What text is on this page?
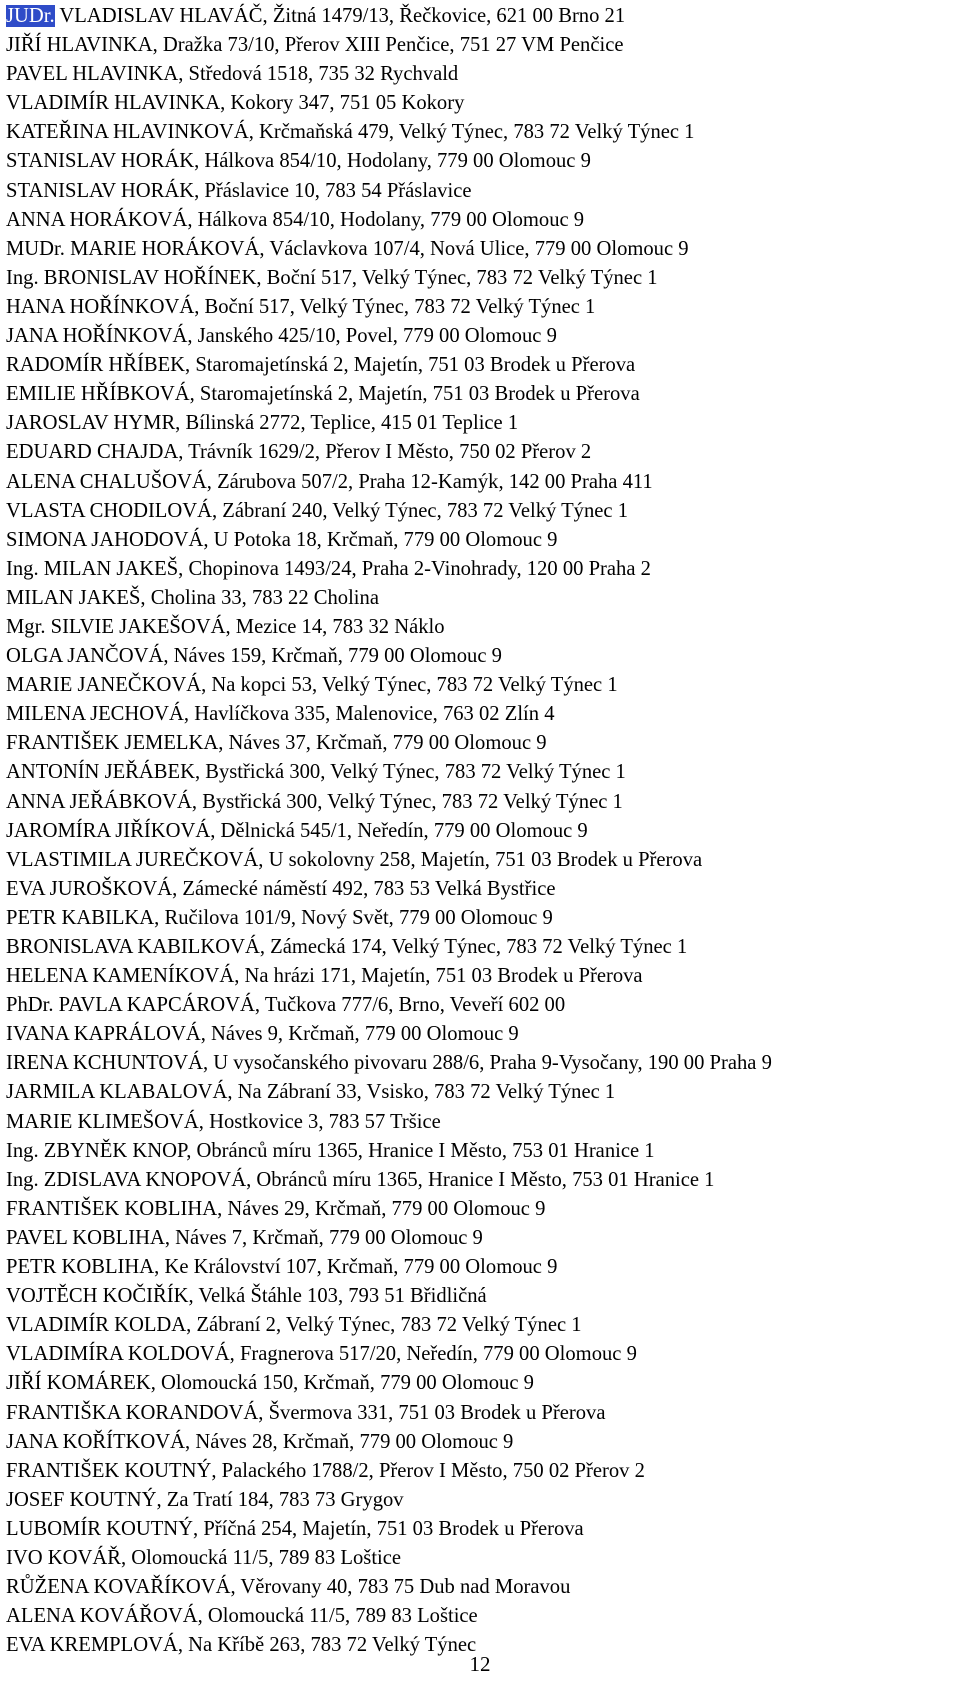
JUDr. VLADISLAV HLAVÁČ, Žitná 1479/13, Řečkovice, 621 00 Brno 21
JIŘÍ HLAVINKA, Dražka 73/10, Přerov XIII Penčice, 751 27 VM Penčice
PAVEL HLAVINKA, Středová 1518, 735 32 Rychvald
VLADIMÍR HLAVINKA, Kokory 347, 751 05 Kokory
KATEŘINA HLAVINKOVÁ, Krčmaňská 479, Velký Týnec, 783 72 Velký Týnec 1
STANISLAV HORÁK, Hálkova 854/10, Hodolany, 779 00 Olomouc 9
STANISLAV HORÁK, Přáslavice 10, 783 54 Přáslavice
ANNA HORÁKOVÁ, Hálkova 854/10, Hodolany, 779 00 Olomouc 9
MUDr. MARIE HORÁKOVÁ, Václavkova 107/4, Nová Ulice, 779 00 Olomouc 9
Ing. BRONISLAV HOŘÍNEK, Boční 517, Velký Týnec, 783 72 Velký Týnec 1
HANA HOŘÍNKOVÁ, Boční 517, Velký Týnec, 783 72 Velký Týnec 1
JANA HOŘÍNKOVÁ, Janského 425/10, Povel, 779 00 Olomouc 9
RADOMÍR HŘÍBEK, Staromajetínská 2, Majetín, 751 03 Brodek u Přerova
EMILIE HŘÍBKOVÁ, Staromajetínská 2, Majetín, 751 03 Brodek u Přerova
JAROSLAV HYMR, Bílinská 2772, Teplice, 415 01 Teplice 1
EDUARD CHAJDA, Trávník 1629/2, Přerov I Město, 750 02 Přerov 2
ALENA CHALUŠOVÁ, Zárubova 507/2, Praha 12-Kamýk, 142 00 Praha 411
VLASTA CHODILOVÁ, Zábraní 240, Velký Týnec, 783 72 Velký Týnec 1
SIMONA JAHODOVÁ, U Potoka 18, Krčmaň, 779 00 Olomouc 9
Ing. MILAN JAKEŠ, Chopinova 1493/24, Praha 2-Vinohrady, 120 00 Praha 2
MILAN JAKEŠ, Cholina 33, 783 22 Cholina
Mgr. SILVIE JAKEŠOVÁ, Mezice 14, 783 32 Náklo
OLGA JANČOVÁ, Náves 159, Krčmaň, 779 00 Olomouc 9
MARIE JANEČKOVÁ, Na kopci 53, Velký Týnec, 783 72 Velký Týnec 1
MILENA JECHOVÁ, Havlíčkova 335, Malenovice, 763 02 Zlín 4
FRANTIŠEK JEMELKA, Náves 37, Krčmaň, 779 00 Olomouc 9
ANTONÍN JEŘÁBEK, Bystřická 300, Velký Týnec, 783 72 Velký Týnec 1
ANNA JEŘÁBKOVÁ, Bystřická 300, Velký Týnec, 783 72 Velký Týnec 1
JAROMÍRA JIŘÍKOVÁ, Dělnická 545/1, Neředín, 779 00 Olomouc 9
VLASTIMILA JUREČKOVÁ, U sokolovny 258, Majetín, 751 03 Brodek u Přerova
EVA JUROŠKOVÁ, Zámecké náměstí 492, 783 53 Velká Bystřice
PETR KABILKA, Ručilova 101/9, Nový Svět, 779 00 Olomouc 9
BRONISLAVA KABILKOVÁ, Zámecká 174, Velký Týnec, 783 72 Velký Týnec 1
HELENA KAMENÍKOVÁ, Na hrázi 171, Majetín, 751 03 Brodek u Přerova
PhDr. PAVLA KAPCÁROVÁ, Tučkova 777/6, Brno, Veveří 602 00
IVANA KAPRÁLOVÁ, Náves 9, Krčmaň, 779 00 Olomouc 9
IRENA KCHUNTOVÁ, U vysočanského pivovaru 288/6, Praha 9-Vysočany, 190 00 Praha 9
JARMILA KLABALOVÁ, Na Zábraní 33, Vsisko, 783 72 Velký Týnec 1
MARIE KLIMEŠOVÁ, Hostkovice 3, 783 57 Tršice
Ing. ZBYNĚK KNOP, Obránců míru 1365, Hranice I Město, 753 01 Hranice 1
Ing. ZDISLAVA KNOPOVÁ, Obránců míru 1365, Hranice I Město, 753 01 Hranice 1
FRANTIŠEK KOBLIHA, Náves 29, Krčmaň, 779 00 Olomouc 9
PAVEL KOBLIHA, Náves 7, Krčmaň, 779 00 Olomouc 9
PETR KOBLIHA, Ke Království 107, Krčmaň, 779 00 Olomouc 9
VOJTĚCH KOČIŘÍK, Velká Štáhle 103, 793 51 Břidličná
VLADIMÍR KOLDA, Zábraní 2, Velký Týnec, 783 72 Velký Týnec 1
VLADIMÍRA KOLDOVÁ, Fragnerova 517/20, Neředín, 779 00 Olomouc 9
JIŘÍ KOMÁREK, Olomoucká 150, Krčmaň, 779 00 Olomouc 9
FRANTIŠKA KORANDOVÁ, Švermova 331, 751 03 Brodek u Přerova
JANA KOŘÍTKOVÁ, Náves 28, Krčmaň, 779 00 Olomouc 9
FRANTIŠEK KOUTNÝ, Palackého 1788/2, Přerov I Město, 750 02 Přerov 2
JOSEF KOUTNÝ, Za Tratí 184, 783 73 Grygov
LUBOMÍR KOUTNÝ, Příčná 254, Majetín, 751 03 Brodek u Přerova
IVO KOVÁŘ, Olomoucká 11/5, 789 83 Loštice
RŮŽENA KOVAŘÍKOVÁ, Věrovany 40, 783 75 Dub nad Moravou
ALENA KOVÁŘOVÁ, Olomoucká 11/5, 789 83 Loštice
EVA KREMPLOVÁ, Na Kříbě 263, 783 72 Velký Týnec
12
